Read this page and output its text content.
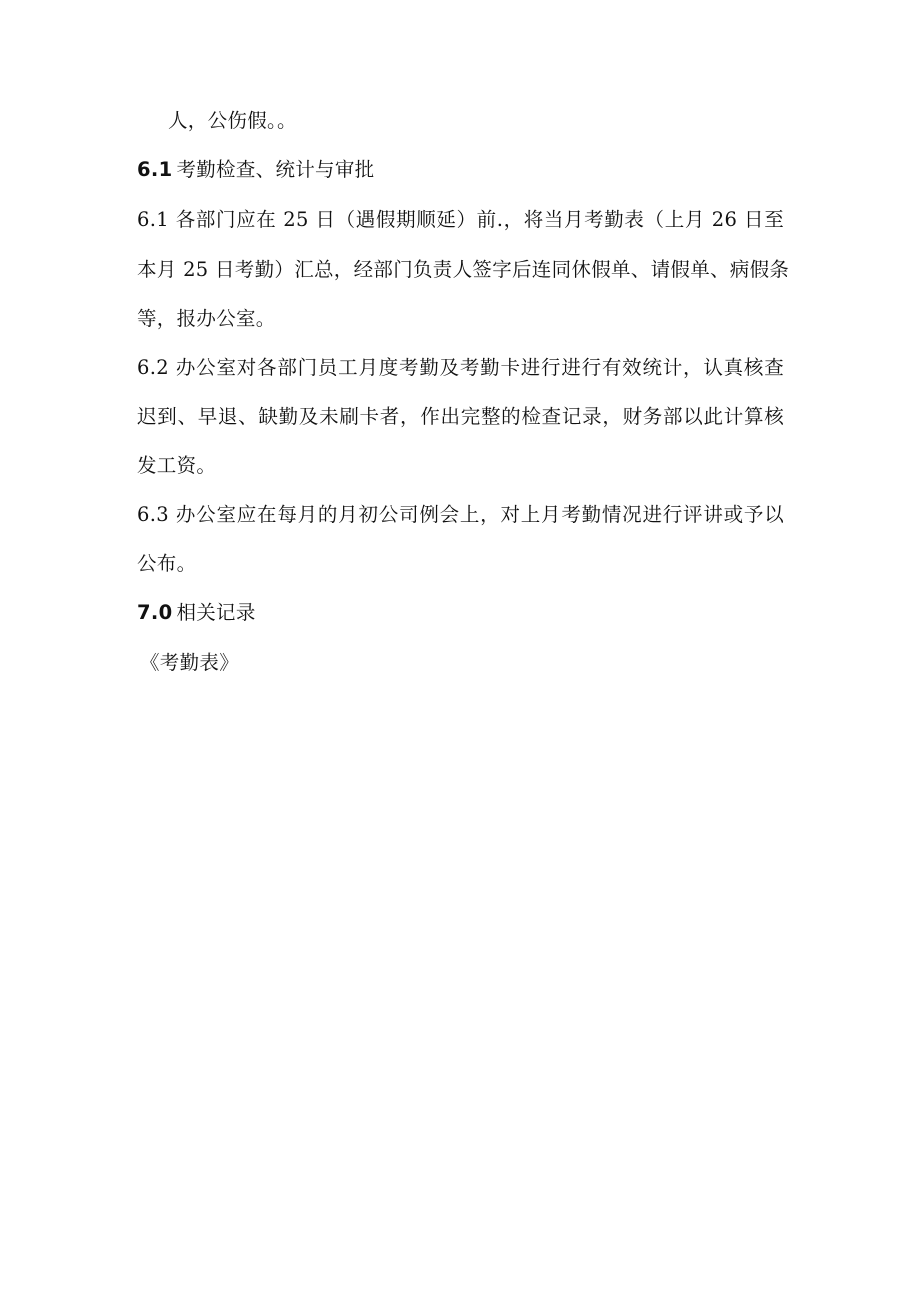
人，公伤假。。
6.1 考勤检查、统计与审批
6.1 各部门应在 25 日（遇假期顺延）前.，将当月考勤表（上月 26 日至
本月 25 日考勤）汇总，经部门负责人签字后连同休假单、请假单、病假条
等，报办公室。
6.2 办公室对各部门员工月度考勤及考勤卡进行进行有效统计，认真核查
迟到、早退、缺勤及未刷卡者，作出完整的检查记录，财务部以此计算核
发工资。
6.3 办公室应在每月的月初公司例会上，对上月考勤情况进行评讲或予以
公布。
7.0 相关记录
《考勤表》
